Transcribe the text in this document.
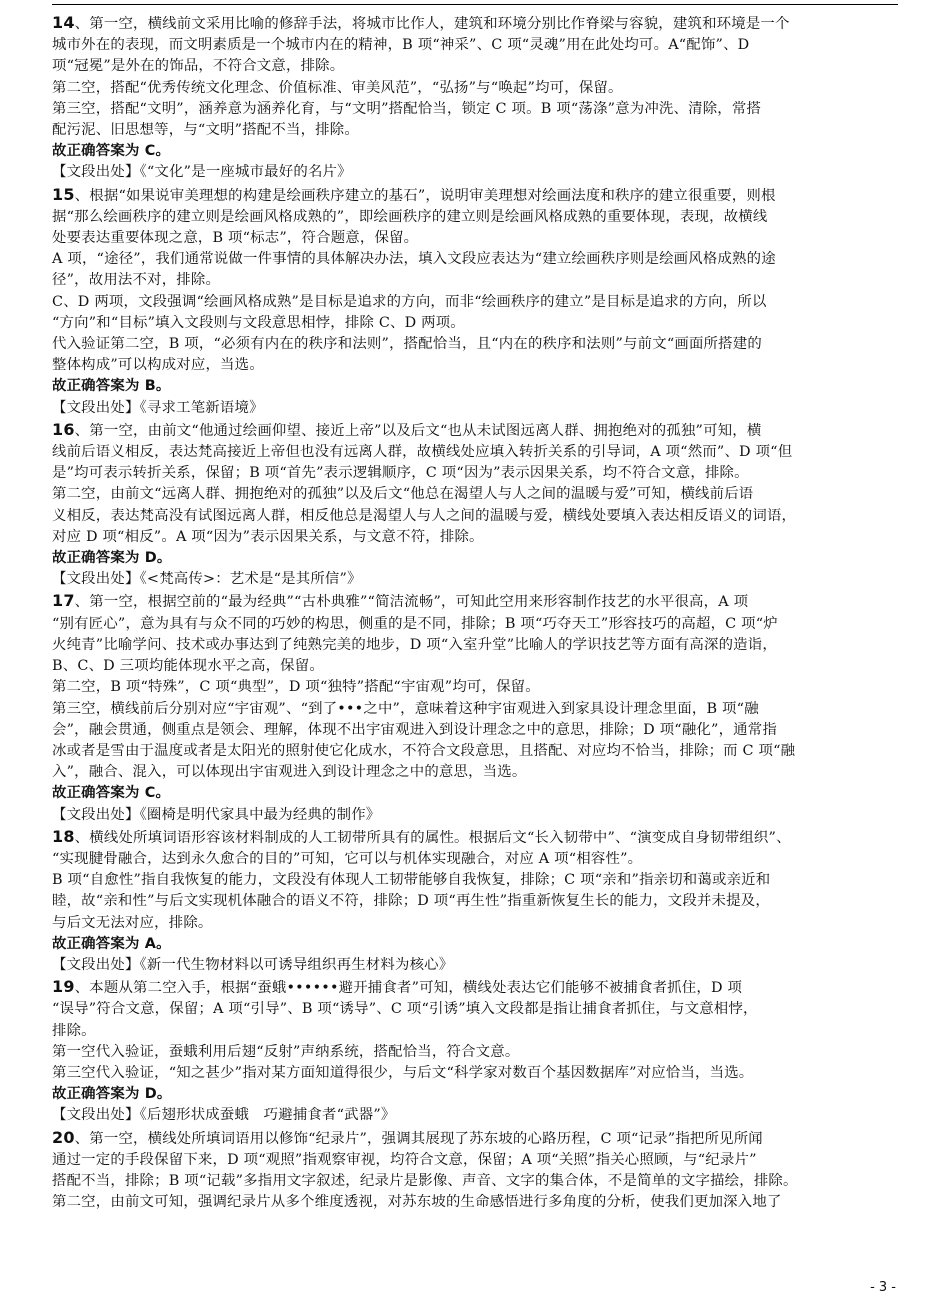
14、第一空，横线前文采用比喻的修辞手法，将城市比作人，建筑和环境分别比作脊梁与容貌，建筑和环境是一个
城市外在的表现，而文明素质是一个城市内在的精神，B 项“神采”、C 项“灵魂”用在此处均可。A“配饰”、D
项“冠冕”是外在的饰品，不符合文意，排除。
第二空，搭配“优秀传统文化理念、价值标准、审美风范”，“弘扬”与“唤起”均可，保留。
第三空，搭配“文明”，涵养意为涵养化育，与“文明”搭配恰当，锁定 C 项。B 项“荡涤”意为冲洗、清除，常搭
配污泥、旧思想等，与“文明”搭配不当，排除。
故正确答案为 C。
【文段出处】《“文化”是一座城市最好的名片》
15、根据“如果说审美理想的构建是绘画秩序建立的基石”，说明审美理想对绘画法度和秩序的建立很重要，则根
据“那么绘画秩序的建立则是绘画风格成熟的”，即绘画秩序的建立则是绘画风格成熟的重要体现，表现，故横线
处要表达重要体现之意，B 项“标志”，符合题意，保留。
A 项，“途径”，我们通常说做一件事情的具体解决办法，填入文段应表达为“建立绘画秩序则是绘画风格成熟的途
径”，故用法不对，排除。
C、D 两项，文段强调“绘画风格成熟”是目标是追求的方向，而非“绘画秩序的建立”是目标是追求的方向，所以
“方向”和“目标”填入文段则与文段意思相悖，排除 C、D 两项。
代入验证第二空，B 项，“必须有内在的秩序和法则”，搭配恰当，且“内在的秩序和法则”与前文“画面所搭建的
整体构成”可以构成对应，当选。
故正确答案为 B。
【文段出处】《寻求工笔新语境》
16、第一空，由前文“他通过绘画仰望、接近上帝”以及后文“也从未试图远离人群、拥抱绝对的孤独”可知，横
线前后语义相反，表达梵高接近上帝但也没有远离人群，故横线处应填入转折关系的引导词，A 项“然而”、D 项“但
是”均可表示转折关系，保留；B 项“首先”表示逻辑顺序，C 项“因为”表示因果关系，均不符合文意，排除。
第二空，由前文“远离人群、拥抱绝对的孤独”以及后文“他总在渴望人与人之间的温暖与爱”可知，横线前后语
义相反，表达梵高没有试图远离人群，相反他总是渴望人与人之间的温暖与爱，横线处要填入表达相反语义的词语，
对应 D 项“相反”。A 项“因为”表示因果关系，与文意不符，排除。
故正确答案为 D。
【文段出处】《<梵高传>：艺术是“是其所信”》
17、第一空，根据空前的“最为经典”“古朴典雅”“简洁流畅”，可知此空用来形容制作技艺的水平很高，A 项
“别有匠心”，意为具有与众不同的巧妙的构思，侧重的是不同，排除；B 项“巧夺天工”形容技巧的高超，C 项“炉
火纯青”比喻学问、技术或办事达到了纯熟完美的地步，D 项“入室升堂”比喻人的学识技艺等方面有高深的造诣，
B、C、D 三项均能体现水平之高，保留。
第二空，B 项“特殊”，C 项“典型”，D 项“独特”搭配“宇宙观”均可，保留。
第三空，横线前后分别对应“宇宙观”、“到了•••之中”，意味着这种宇宙观进入到家具设计理念里面，B 项“融
会”，融会贯通，侧重点是领会、理解，体现不出宇宙观进入到设计理念之中的意思，排除；D 项“融化”，通常指
冰或者是雪由于温度或者是太阳光的照射使它化成水，不符合文段意思，且搭配、对应均不恰当，排除；而 C 项“融
入”，融合、混入，可以体现出宇宙观进入到设计理念之中的意思，当选。
故正确答案为 C。
【文段出处】《圈椅是明代家具中最为经典的制作》
18、横线处所填词语形容该材料制成的人工韧带所具有的属性。根据后文“长入韧带中”、“演变成自身韧带组织”、
“实现腱骨融合，达到永久愈合的目的”可知，它可以与机体实现融合，对应 A 项“相容性”。
B 项“自愈性”指自我恢复的能力，文段没有体现人工韧带能够自我恢复，排除；C 项“亲和”指亲切和蔼或亲近和
睦，故“亲和性”与后文实现机体融合的语义不符，排除；D 项“再生性”指重新恢复生长的能力，文段并未提及，
与后文无法对应，排除。
故正确答案为 A。
【文段出处】《新一代生物材料以可诱导组织再生材料为核心》
19、本题从第二空入手，根据“蚕蛾••••••避开捕食者”可知，横线处表达它们能够不被捕食者抓住，D 项
“误导”符合文意，保留；A 项“引导”、B 项“诱导”、C 项“引诱”填入文段都是指让捕食者抓住，与文意相悖，
排除。
第一空代入验证，蚕蛾利用后翅“反射”声纳系统，搭配恰当，符合文意。
第三空代入验证，“知之甚少”指对某方面知道得很少，与后文“科学家对数百个基因数据库”对应恰当，当选。
故正确答案为 D。
【文段出处】《后翅形状成蚕蛾　巧避捕食者“武器”》
20、第一空，横线处所填词语用以修饰“纪录片”，强调其展现了苏东坡的心路历程，C 项“记录”指把所见所闻
通过一定的手段保留下来，D 项“观照”指观察审视，均符合文意，保留；A 项“关照”指关心照顾，与“纪录片”
搭配不当，排除；B 项“记载”多指用文字叙述，纪录片是影像、声音、文字的集合体，不是简单的文字描绘，排除。
第二空，由前文可知，强调纪录片从多个维度透视，对苏东坡的生命感悟进行多角度的分析，使我们更加深入地了
- 3 -
